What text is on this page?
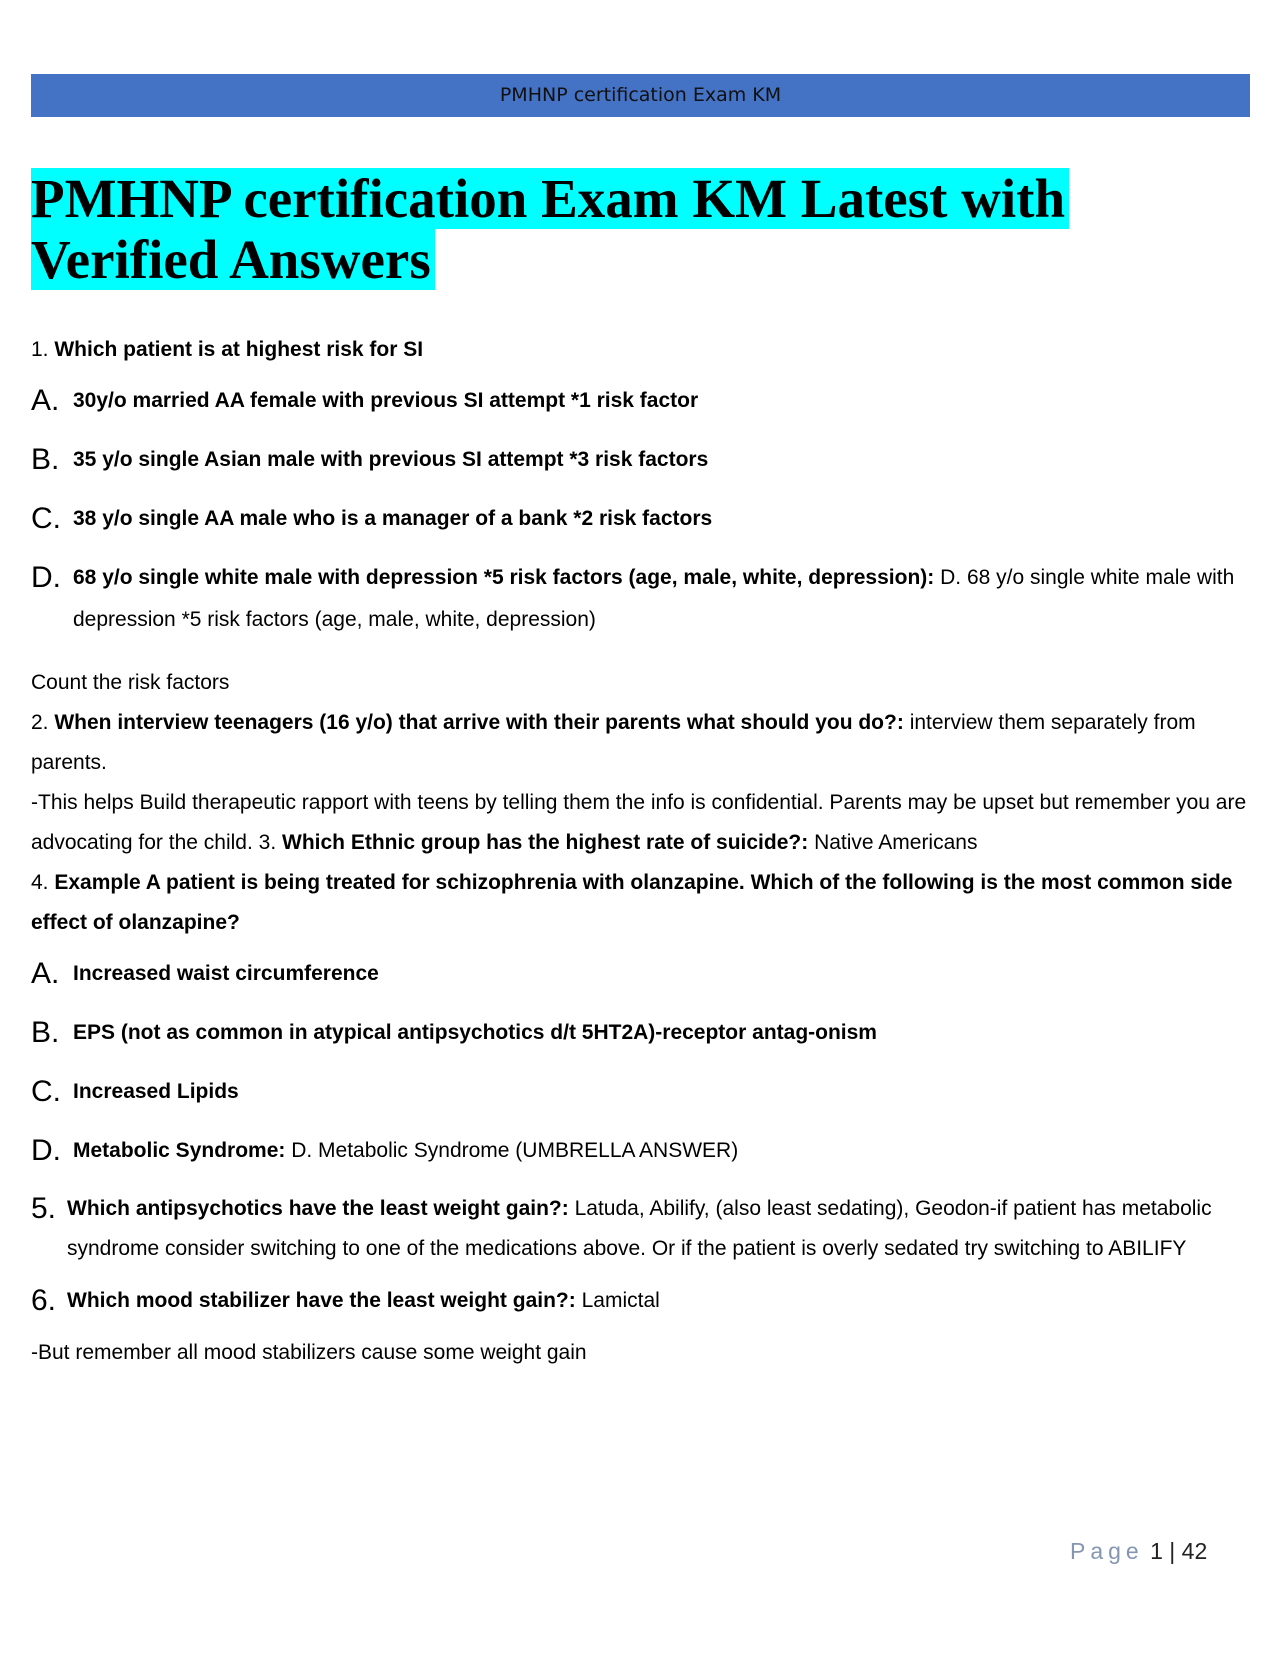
PMHNP certification Exam KM
PMHNP certification Exam KM Latest with
Verified Answers
1. Which patient is at highest risk for SI
A. 30y/o married AA female with previous SI attempt *1 risk factor
B. 35 y/o single Asian male with previous SI attempt *3 risk factors
C. 38 y/o single AA male who is a manager of a bank *2 risk factors
D. 68 y/o single white male with depression *5 risk factors (age, male, white, depression): D. 68 y/o single white male with depression *5 risk factors (age, male, white, depression)
Count the risk factors
2. When interview teenagers (16 y/o) that arrive with their parents what should you do?: interview them separately from parents.
-This helps Build therapeutic rapport with teens by telling them the info is confidential. Parents may be upset but remember you are advocating for the child. 3. Which Ethnic group has the highest rate of suicide?: Native Americans
4. Example A patient is being treated for schizophrenia with olanzapine. Which of the following is the most common side effect of olanzapine?
A. Increased waist circumference
B. EPS (not as common in atypical antipsychotics d/t 5HT2A)-receptor antag-onism
C. Increased Lipids
D. Metabolic Syndrome: D. Metabolic Syndrome (UMBRELLA ANSWER)
5. Which antipsychotics have the least weight gain?: Latuda, Abilify, (also least sedating), Geodon-if patient has metabolic syndrome consider switching to one of the medications above. Or if the patient is overly sedated try switching to ABILIFY
6. Which mood stabilizer have the least weight gain?: Lamictal
-But remember all mood stabilizers cause some weight gain
Page 1 | 42
